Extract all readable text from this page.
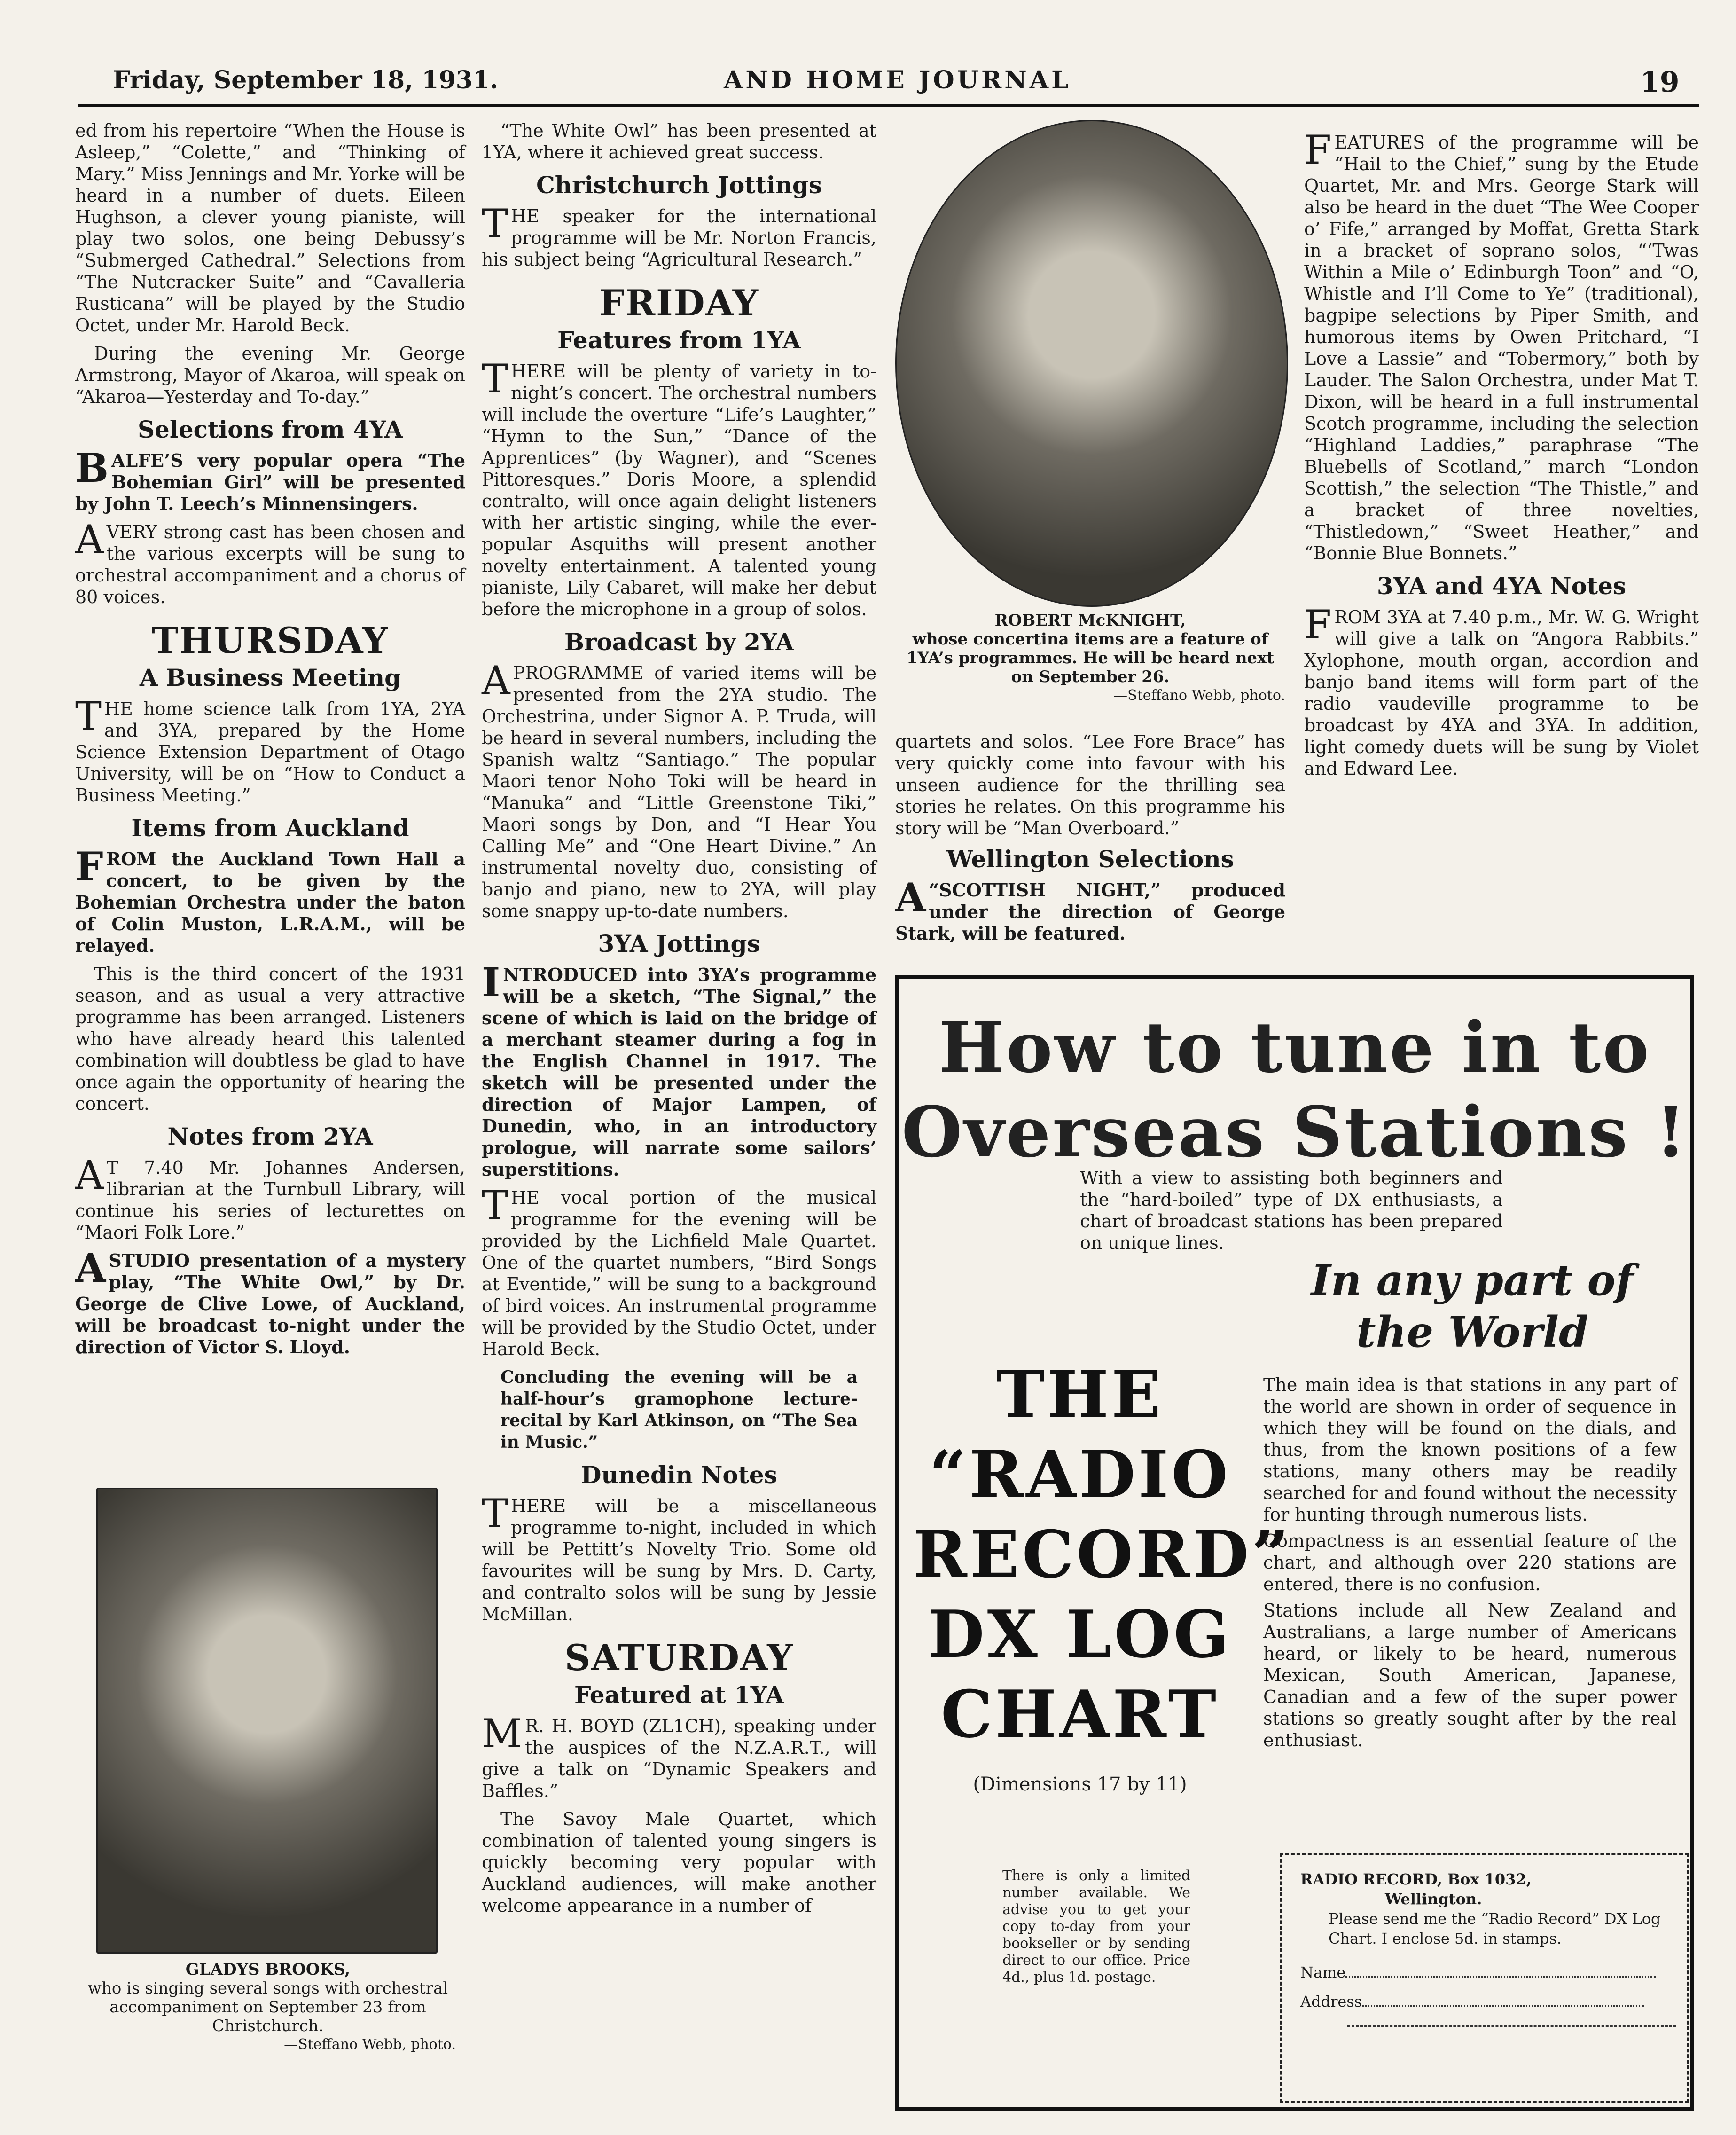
Friday, September 18, 1931.	AND HOME JOURNAL	19

ed from his repertoire “When the House is Asleep,” “Colette,” and “Thinking of Mary.” Miss Jennings and Mr. Yorke will be heard in a number of duets. Eileen Hughson, a clever young pianiste, will play two solos, one being Debussy’s “Submerged Cathedral.” Selections from “The Nutcracker Suite” and “Cavalleria Rusticana” will be played by the Studio Octet, under Mr. Harold Beck.

During the evening Mr. George Armstrong, Mayor of Akaroa, will speak on “Akaroa—Yesterday and To-day.”

Selections from 4YA

BALFE’S very popular opera “The Bohemian Girl” will be presented by John T. Leech’s Minnensingers.

AVERY strong cast has been chosen and the various excerpts will be sung to orchestral accompaniment and a chorus of 80 voices.

THURSDAY
A Business Meeting

THE home science talk from 1YA, 2YA and 3YA, prepared by the Home Science Extension Department of Otago University, will be on “How to Conduct a Business Meeting.”

Items from Auckland

FROM the Auckland Town Hall a concert, to be given by the Bohemian Orchestra under the baton of Colin Muston, L.R.A.M., will be relayed.

This is the third concert of the 1931 season, and as usual a very attractive programme has been arranged. Listeners who have already heard this talented combination will doubtless be glad to have once again the opportunity of hearing the concert.

Notes from 2YA

AT 7.40 Mr. Johannes Andersen, librarian at the Turnbull Library, will continue his series of lecturettes on “Maori Folk Lore.”

ASTUDIO presentation of a mystery play, “The White Owl,” by Dr. George de Clive Lowe, of Auckland, will be broadcast to-night under the direction of Victor S. Lloyd.

GLADYS BROOKS,
who is singing several songs with orchestral accompaniment on September 23 from Christchurch.
—Steffano Webb, photo.

“The White Owl” has been presented at 1YA, where it achieved great success.

Christchurch Jottings

THE speaker for the international programme will be Mr. Norton Francis, his subject being “Agricultural Research.”

FRIDAY
Features from 1YA

THERE will be plenty of variety in to-night’s concert. The orchestral numbers will include the overture “Life’s Laughter,” “Hymn to the Sun,” “Dance of the Apprentices” (by Wagner), and “Scenes Pittoresques.” Doris Moore, a splendid contralto, will once again delight listeners with her artistic singing, while the ever-popular Asquiths will present another novelty entertainment. A talented young pianiste, Lily Cabaret, will make her debut before the microphone in a group of solos.

Broadcast by 2YA

APROGRAMME of varied items will be presented from the 2YA studio. The Orchestrina, under Signor A. P. Truda, will be heard in several numbers, including the Spanish waltz “Santiago.” The popular Maori tenor Noho Toki will be heard in “Manuka” and “Little Greenstone Tiki,” Maori songs by Don, and “I Hear You Calling Me” and “One Heart Divine.” An instrumental novelty duo, consisting of banjo and piano, new to 2YA, will play some snappy up-to-date numbers.

3YA Jottings

INTRODUCED into 3YA’s programme will be a sketch, “The Signal,” the scene of which is laid on the bridge of a merchant steamer during a fog in the English Channel in 1917. The sketch will be presented under the direction of Major Lampen, of Dunedin, who, in an introductory prologue, will narrate some sailors’ superstitions.

THE vocal portion of the musical programme for the evening will be provided by the Lichfield Male Quartet. One of the quartet numbers, “Bird Songs at Eventide,” will be sung to a background of bird voices. An instrumental programme will be provided by the Studio Octet, under Harold Beck.

Concluding the evening will be a half-hour’s gramophone lecture-recital by Karl Atkinson, on “The Sea in Music.”

Dunedin Notes

THERE will be a miscellaneous programme to-night, included in which will be Pettitt’s Novelty Trio. Some old favourites will be sung by Mrs. D. Carty, and contralto solos will be sung by Jessie McMillan.

SATURDAY
Featured at 1YA

MR. H. BOYD (ZL1CH), speaking under the auspices of the N.Z.A.R.T., will give a talk on “Dynamic Speakers and Baffles.”

The Savoy Male Quartet, which combination of talented young singers is quickly becoming very popular with Auckland audiences, will make another welcome appearance in a number of

ROBERT McKNIGHT,
whose concertina items are a feature of 1YA’s programmes. He will be heard next on September 26.
—Steffano Webb, photo.

quartets and solos. “Lee Fore Brace” has very quickly come into favour with his unseen audience for the thrilling sea stories he relates. On this programme his story will be “Man Overboard.”

Wellington Selections

A“SCOTTISH NIGHT,” produced under the direction of George Stark, will be featured.

FEATURES of the programme will be “Hail to the Chief,” sung by the Etude Quartet, Mr. and Mrs. George Stark will also be heard in the duet “The Wee Cooper o’ Fife,” arranged by Moffat, Gretta Stark in a bracket of soprano solos, “‘Twas Within a Mile o’ Edinburgh Toon” and “O, Whistle and I’ll Come to Ye” (traditional), bagpipe selections by Piper Smith, and humorous items by Owen Pritchard, “I Love a Lassie” and “Tobermory,” both by Lauder. The Salon Orchestra, under Mat T. Dixon, will be heard in a full instrumental Scotch programme, including the selection “Highland Laddies,” paraphrase “The Bluebells of Scotland,” march “London Scottish,” the selection “The Thistle,” and a bracket of three novelties, “Thistledown,” “Sweet Heather,” and “Bonnie Blue Bonnets.”

3YA and 4YA Notes

FROM 3YA at 7.40 p.m., Mr. W. G. Wright will give a talk on “Angora Rabbits.” Xylophone, mouth organ, accordion and banjo band items will form part of the radio vaudeville programme to be broadcast by 4YA and 3YA. In addition, light comedy duets will be sung by Violet and Edward Lee.

How to tune in to
Overseas Stations !
With a view to assisting both beginners and the “hard-boiled” type of DX enthusiasts, a chart of broadcast stations has been prepared on unique lines.
THE
“RADIO
RECORD”
DX LOG
CHART
(Dimensions 17 by 11)
In any part of
the World

The main idea is that stations in any part of the world are shown in order of sequence in which they will be found on the dials, and thus, from the known positions of a few stations, many others may be readily searched for and found without the necessity for hunting through numerous lists.

Compactness is an essential feature of the chart, and although over 220 stations are entered, there is no confusion.

Stations include all New Zealand and Australians, a large number of Americans heard, or likely to be heard, numerous Mexican, South American, Japanese, Canadian and a few of the super power stations so greatly sought after by the real enthusiast.

There is only a limited number available. We advise you to get your copy to-day from your bookseller or by sending direct to our office. Price 4d., plus 1d. postage.
RADIO RECORD, Box 1032,
Wellington.
Please send me the “Radio Record” DX Log Chart. I enclose 5d. in stamps.
Name
Address
